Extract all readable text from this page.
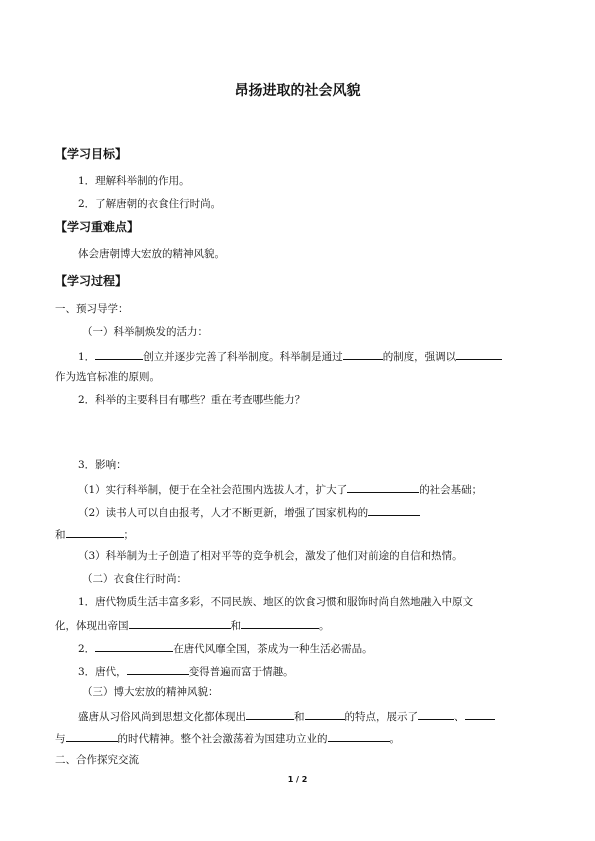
昂扬进取的社会风貌
【学习目标】
1．理解科举制的作用。
2．了解唐朝的衣食住行时尚。
【学习重难点】
体会唐朝博大宏放的精神风貌。
【学习过程】
一、预习导学：
（一）科举制焕发的活力：
1．	创立并逐步完善了科举制度。科举制是通过	的制度，强调以
作为选官标准的原则。
2．科举的主要科目有哪些？重在考查哪些能力？
3．影响：
（1）实行科举制，便于在全社会范围内选拔人才，扩大了	的社会基础；
（2）读书人可以自由报考，人才不断更新，增强了国家机构的
和	；
（3）科举制为士子创造了相对平等的竞争机会，激发了他们对前途的自信和热情。
（二）衣食住行时尚：
1．唐代物质生活丰富多彩，不同民族、地区的饮食习惯和服饰时尚自然地融入中原文
化，体现出帝国	和	。
2．	在唐代风靡全国，茶成为一种生活必需品。
3．唐代，	变得普遍而富于情趣。
（三）博大宏放的精神风貌：
盛唐从习俗风尚到思想文化都体现出	和	的特点，展示了	、
与	的时代精神。整个社会激荡着为国建功立业的	。
二、合作探究交流
1 / 2
